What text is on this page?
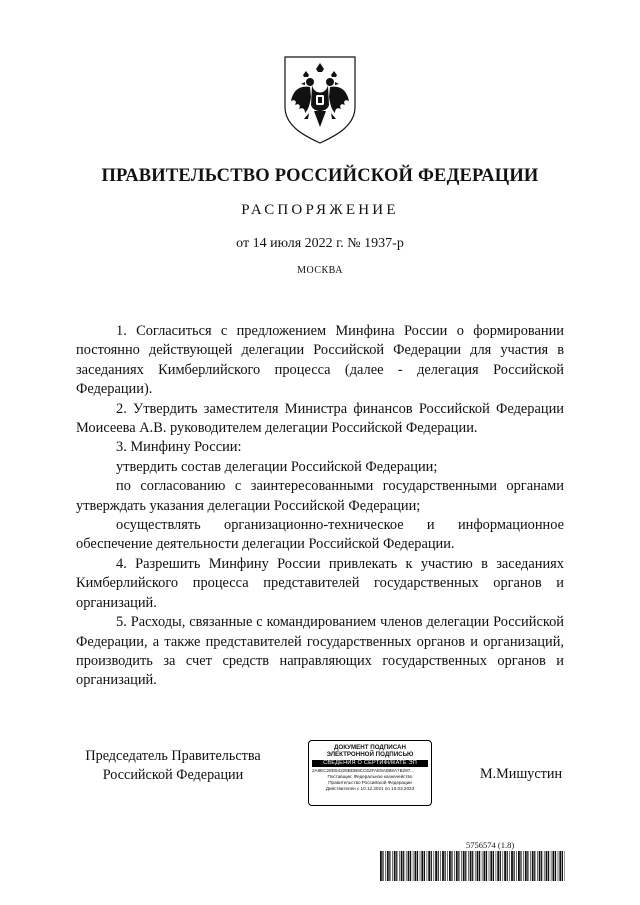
ПРАВИТЕЛЬСТВО РОССИЙСКОЙ ФЕДЕРАЦИИ
РАСПОРЯЖЕНИЕ
от 14 июля 2022 г. № 1937-р
МОСКВА

1. Согласиться с предложением Минфина России о формировании постоянно действующей делегации Российской Федерации для участия в заседаниях Кимберлийского процесса (далее - делегация Российской Федерации).

2. Утвердить заместителя Министра финансов Российской Федерации Моисеева А.В. руководителем делегации Российской Федерации.

3. Минфину России:

утвердить состав делегации Российской Федерации;

по согласованию с заинтересованными государственными органами утверждать указания делегации Российской Федерации;

осуществлять организационно-техническое и информационное обеспечение деятельности делегации Российской Федерации.

4. Разрешить Минфину России привлекать к участию в заседаниях Кимберлийского процесса представителей государственных органов и организаций.

5. Расходы, связанные с командированием членов делегации Российской Федерации, а также представителей государственных органов и организаций, производить за счет средств направляющих государственных органов и организаций.

Председатель Правительства
Российской Федерации
ДОКУМЕНТ ПОДПИСАН
ЭЛЕКТРОННОЙ ПОДПИСЬЮ
СВЕДЕНИЯ О СЕРТИФИКАТЕ ЭП
2A9EC28D54325BDB8CC62FAE9A0B8A7B297...
Поставщик: Федеральное казначейство
Правительство Российской Федерации
Действителен с 10.12.2021 по 10.03.2023
М.Мишустин
5756574 (1.8)
